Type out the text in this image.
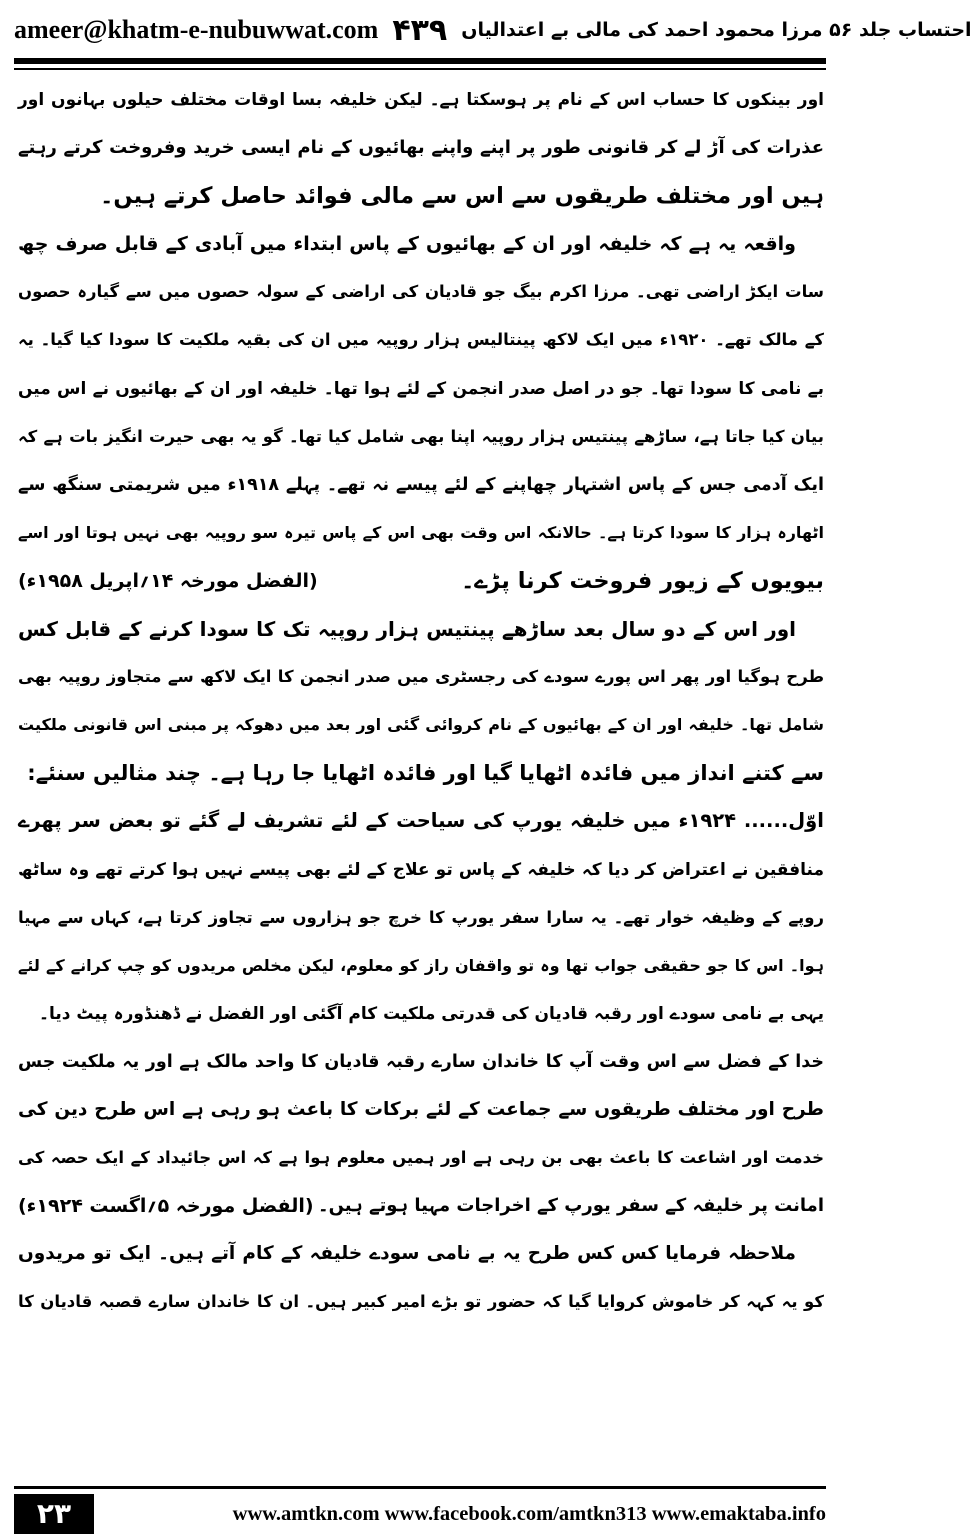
ameer@khatm-e-nubuwwat.com ۴۳۹ احتساب جلد ۵۶ مرزا محمود احمد کی مالی بے اعتدالیاں
اور بینکوں کا حساب اس کے نام پر ہوسکتا ہے۔ لیکن خلیفہ بسا اوقات مختلف حیلوں بہانوں اور
عذرات کی آڑ لے کر قانونی طور پر اپنے واپنے بھائیوں کے نام ایسی خرید وفروخت کرتے رہتے
ہیں اور مختلف طریقوں سے اس سے مالی فوائد حاصل کرتے ہیں۔
واقعہ یہ ہے کہ خلیفہ اور ان کے بھائیوں کے پاس ابتداء میں آبادی کے قابل صرف چھ
سات ایکڑ اراضی تھی۔ مرزا اکرم بیگ جو قادیان کی اراضی کے سولہ حصوں میں سے گیارہ حصوں
کے مالک تھے۔ ۱۹۲۰ء میں ایک لاکھ پینتالیس ہزار روپیہ میں ان کی بقیہ ملکیت کا سودا کیا گیا۔ یہ
بے نامی کا سودا تھا۔ جو در اصل صدر انجمن کے لئے ہوا تھا۔ خلیفہ اور ان کے بھائیوں نے اس میں
بیان کیا جاتا ہے، ساڑھے پینتیس ہزار روپیہ اپنا بھی شامل کیا تھا۔ گو یہ بھی حیرت انگیز بات ہے کہ
ایک آدمی جس کے پاس اشتہار چھاپنے کے لئے پیسے نہ تھے۔ پہلے ۱۹۱۸ء میں شریمتی سنگھ سے
اٹھارہ ہزار کا سودا کرتا ہے۔ حالانکہ اس وقت بھی اس کے پاس تیرہ سو روپیہ بھی نہیں ہوتا اور اسے
بیویوں کے زیور فروخت کرنا پڑے۔
(الفضل مورخہ ۱۴؍اپریل ۱۹۵۸ء)
اور اس کے دو سال بعد ساڑھے پینتیس ہزار روپیہ تک کا سودا کرنے کے قابل کس
طرح ہوگیا اور پھر اس پورے سودے کی رجسٹری میں صدر انجمن کا ایک لاکھ سے متجاوز روپیہ بھی
شامل تھا۔ خلیفہ اور ان کے بھائیوں کے نام کروائی گئی اور بعد میں دھوکہ پر مبنی اس قانونی ملکیت
سے کتنے انداز میں فائدہ اٹھایا گیا اور فائدہ اٹھایا جا رہا ہے۔ چند مثالیں سنئے:
اوّل...... ۱۹۲۴ء میں خلیفہ یورپ کی سیاحت کے لئے تشریف لے گئے تو بعض سر پھرے
منافقین نے اعتراض کر دیا کہ خلیفہ کے پاس تو علاج کے لئے بھی پیسے نہیں ہوا کرتے تھے وہ ساٹھ
روپے کے وظیفہ خوار تھے۔ یہ سارا سفر یورپ کا خرچ جو ہزاروں سے تجاوز کرتا ہے، کہاں سے مہیا
ہوا۔ اس کا جو حقیقی جواب تھا وہ تو واقفان راز کو معلوم، لیکن مخلص مریدوں کو چپ کرانے کے لئے
یہی بے نامی سودے اور رقبہ قادیان کی قدرتی ملکیت کام آگئی اور الفضل نے ڈھنڈورہ پیٹ دیا۔
خدا کے فضل سے اس وقت آپ کا خاندان سارے رقبہ قادیان کا واحد مالک ہے اور یہ ملکیت جس
طرح اور مختلف طریقوں سے جماعت کے لئے برکات کا باعث ہو رہی ہے اس طرح دین کی
خدمت اور اشاعت کا باعث بھی بن رہی ہے اور ہمیں معلوم ہوا ہے کہ اس جائیداد کے ایک حصہ کی
امانت پر خلیفہ کے سفر یورپ کے اخراجات مہیا ہوتے ہیں۔
(الفضل مورخہ ۵؍اگست ۱۹۲۴ء)
ملاحظہ فرمایا کس کس طرح یہ بے نامی سودے خلیفہ کے کام آتے ہیں۔ ایک تو مریدوں
کو یہ کہہ کر خاموش کروایا گیا کہ حضور تو بڑے امیر کبیر ہیں۔ ان کا خاندان سارے قصبہ قادیان کا
۲۳	www.amtkn.com www.facebook.com/amtkn313 www.emaktaba.info
